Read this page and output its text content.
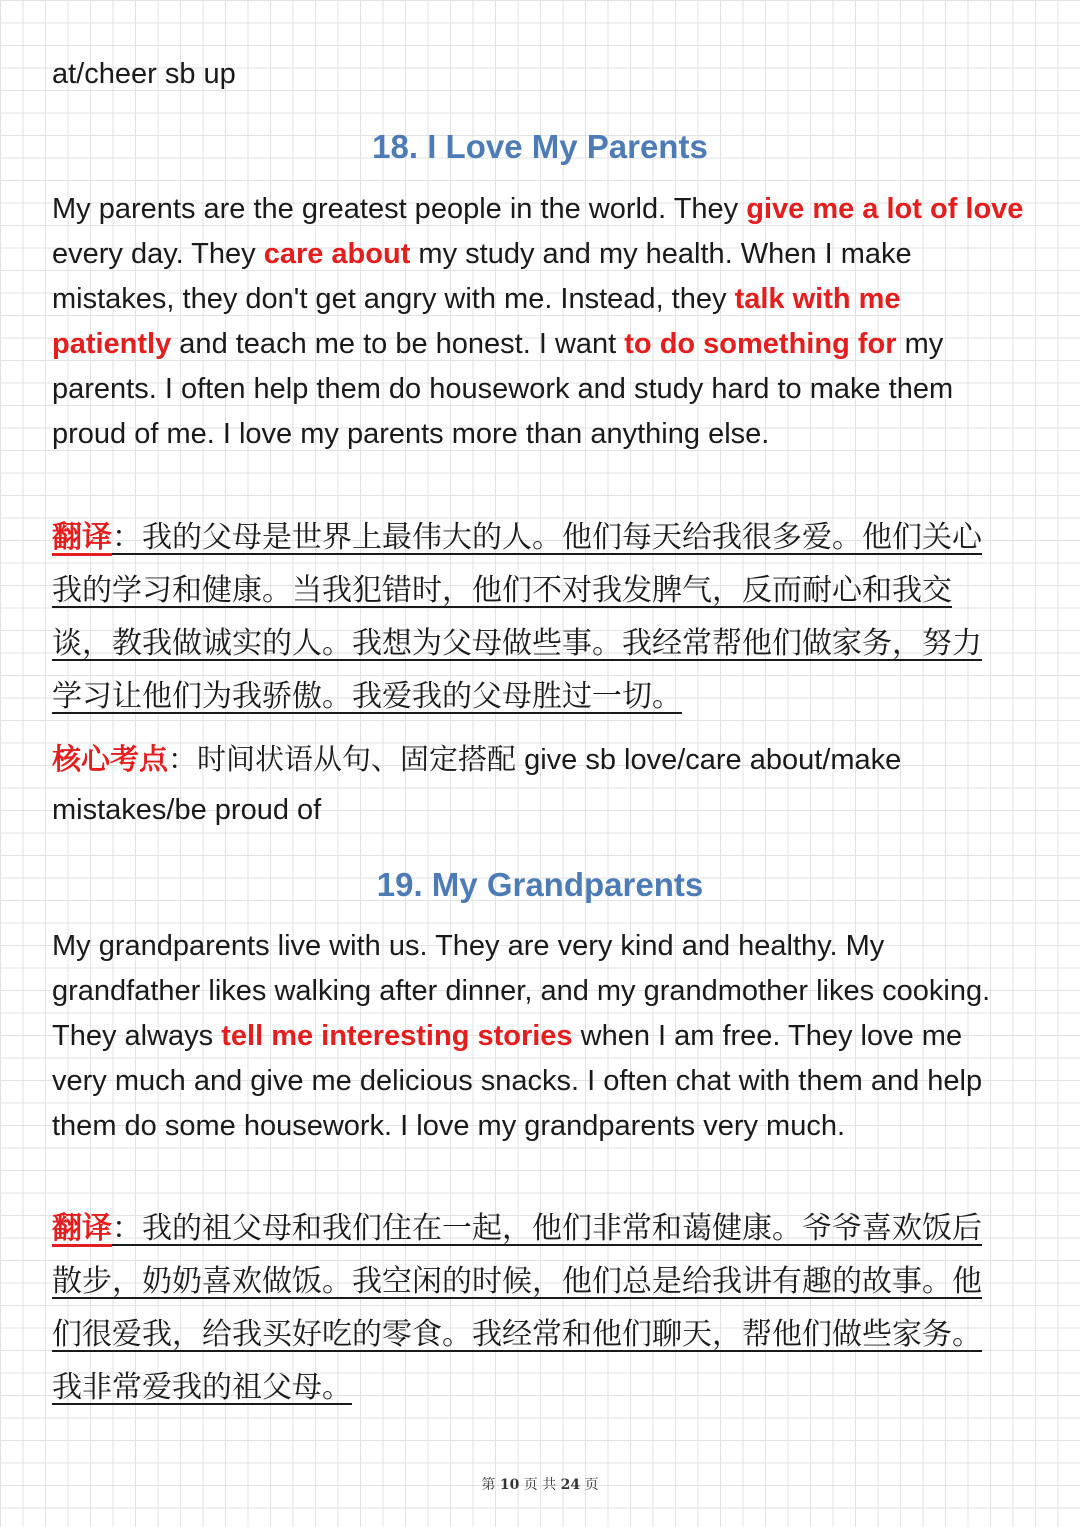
at/cheer sb up

18. I Love My Parents

My parents are the greatest people in the world. They give me a lot of love every day. They care about my study and my health. When I make mistakes, they don't get angry with me. Instead, they talk with me patiently and teach me to be honest. I want to do something for my parents. I often help them do housework and study hard to make them proud of me. I love my parents more than anything else.

翻译：我的父母是世界上最伟大的人。他们每天给我很多爱。他们关心我的学习和健康。当我犯错时，他们不对我发脾气，反而耐心和我交谈，教我做诚实的人。我想为父母做些事。我经常帮他们做家务，努力学习让他们为我骄傲。我爱我的父母胜过一切。

核心考点：时间状语从句、固定搭配 give sb love/care about/make mistakes/be proud of

19. My Grandparents

My grandparents live with us. They are very kind and healthy. My grandfather likes walking after dinner, and my grandmother likes cooking. They always tell me interesting stories when I am free. They love me very much and give me delicious snacks. I often chat with them and help them do some housework. I love my grandparents very much.

翻译：我的祖父母和我们住在一起，他们非常和蔼健康。爷爷喜欢饭后散步，奶奶喜欢做饭。我空闲的时候，他们总是给我讲有趣的故事。他们很爱我，给我买好吃的零食。我经常和他们聊天，帮他们做些家务。我非常爱我的祖父母。

第 10 页 共 24 页
